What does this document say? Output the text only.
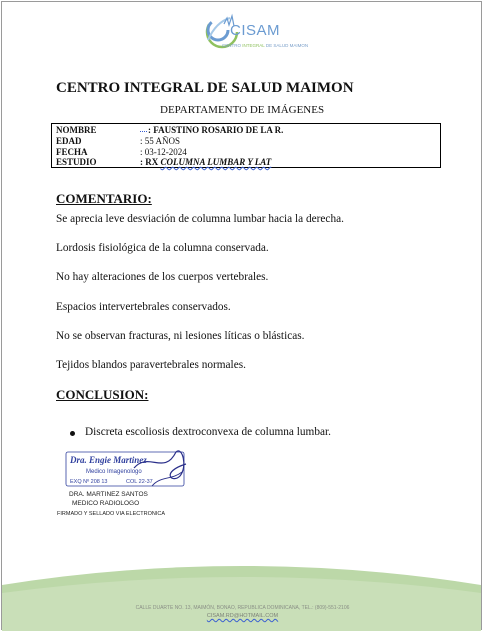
CISAM
CENTRO INTEGRAL DE SALUD MAIMON
CENTRO INTEGRAL DE SALUD MAIMON
DEPARTAMENTO DE IMÁGENES
NOMBRE	: FAUSTINO ROSARIO DE LA R.
EDAD	: 55 AÑOS
FECHA	: 03-12-2024
ESTUDIO	: RX COLUMNA LUMBAR Y LAT
COMENTARIO:
Se aprecia leve desviación de columna lumbar hacia la derecha.
Lordosis fisiológica de la columna conservada.
No hay alteraciones de los cuerpos vertebrales.
Espacios intervertebrales conservados.
No se observan fracturas, ni lesiones líticas o blásticas.
Tejidos blandos paravertebrales normales.
CONCLUSION:
Discreta escoliosis dextroconvexa de columna lumbar.
Dra. Engie Martinez
Medico Imagenologo
EXQ Nº 208 13	COL 22-37
DRA. MARTINEZ SANTOS
MEDICO RADIOLOGO
FIRMADO Y SELLADO VIA ELECTRONICA
CALLE DUARTE NO. 13, MAIMÓN, BONAO, REPUBLICA DOMINICANA, TEL.: (809)-551-2106
CISAM.RD@HOTMAIL.COM
